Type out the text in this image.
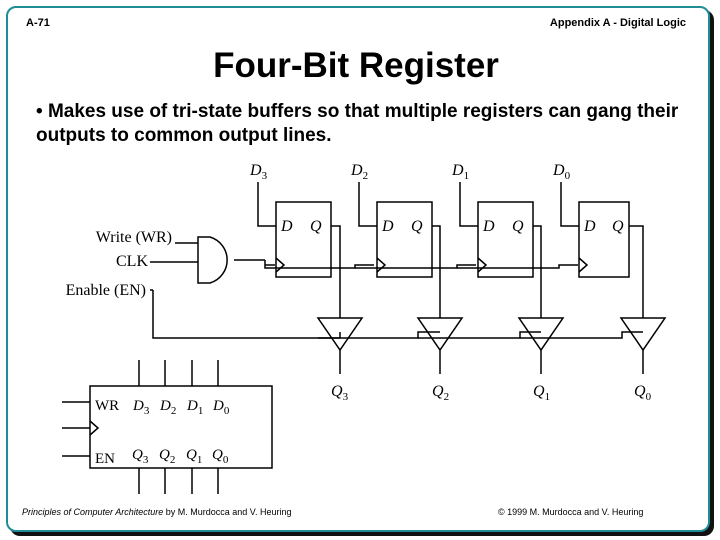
A-71	Appendix A - Digital Logic
Four-Bit Register
• Makes use of tri-state buffers so that multiple registers can gang their outputs to common output lines.
Write (WR)
CLK
Enable (EN)
D Q
$D_3$
$Q_3$
D Q
$D_2$
$Q_2$
D Q
$D_1$
$Q_1$
D Q
$D_0$
$Q_0$
WR
EN
$D_3$ $D_2$ $D_1$ $D_0$
$Q_3$ $Q_2$ $Q_1$ $Q_0$
Principles of Computer Architecture by M. Murdocca and V. Heuring	© 1999 M. Murdocca and V. Heuring
